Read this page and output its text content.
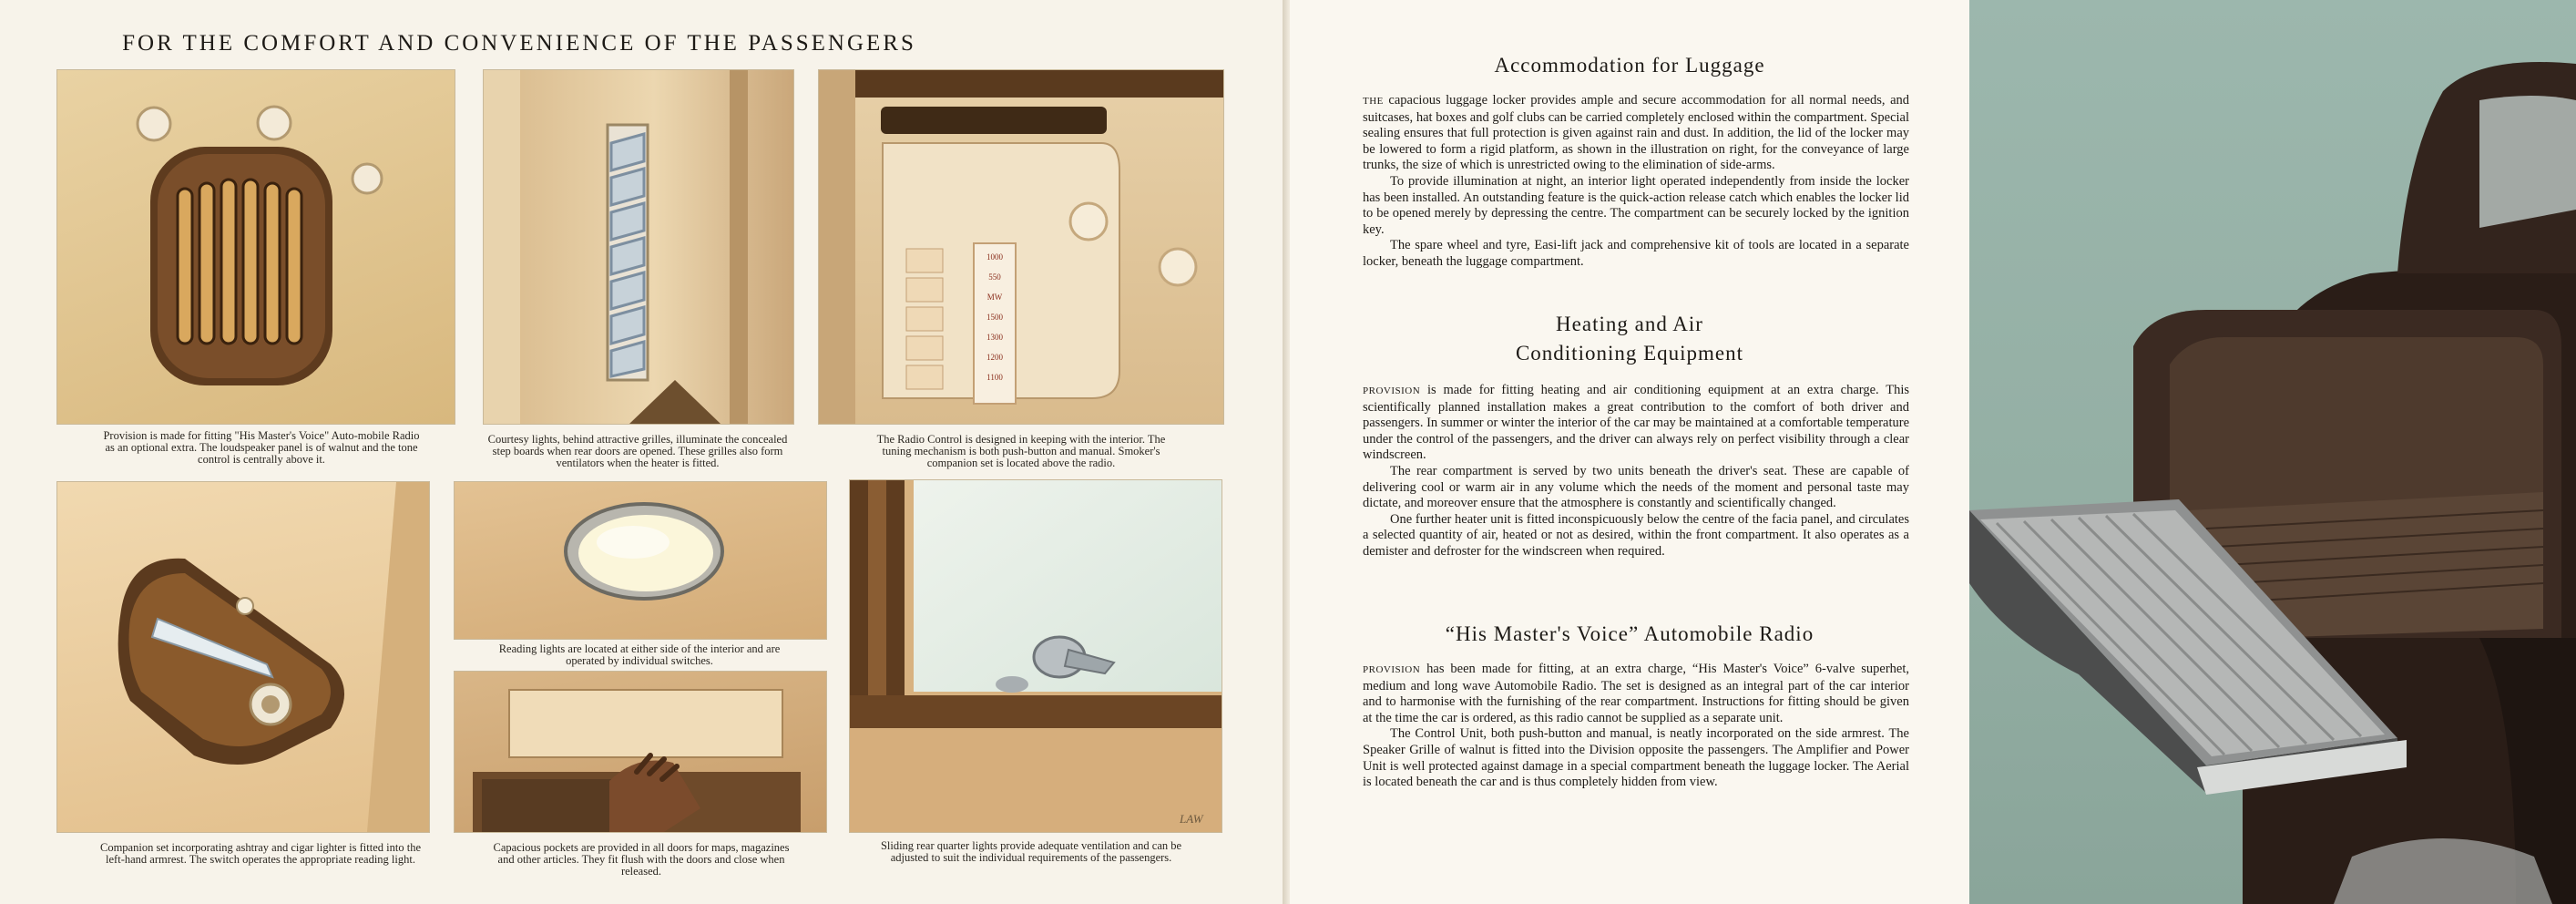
FOR THE COMFORT AND CONVENIENCE OF THE PASSENGERS
Provision is made for fitting "His Master's Voice" Auto-mobile Radio as an optional extra. The loudspeaker panel is of walnut and the tone control is centrally above it.
Courtesy lights, behind attractive grilles, illuminate the concealed step boards when rear doors are opened. These grilles also form ventilators when the heater is fitted.
1000
550
MW
1500
1300
1200
1100
The Radio Control is designed in keeping with the interior. The tuning mechanism is both push-button and manual. Smoker's companion set is located above the radio.
Companion set incorporating ashtray and cigar lighter is fitted into the left-hand armrest. The switch operates the appropriate reading light.
Reading lights are located at either side of the interior and are operated by individual switches.
Capacious pockets are provided in all doors for maps, magazines and other articles. They fit flush with the doors and close when released.
LAW
Sliding rear quarter lights provide adequate ventilation and can be adjusted to suit the individual requirements of the passengers.
Accommodation for Luggage

THE capacious luggage locker provides ample and secure accommodation for all normal needs, and suitcases, hat boxes and golf clubs can be carried completely enclosed within the compartment. Special sealing ensures that full protection is given against rain and dust. In addition, the lid of the locker may be lowered to form a rigid platform, as shown in the illustration on right, for the conveyance of large trunks, the size of which is unrestricted owing to the elimination of side-arms.

To provide illumination at night, an interior light operated independently from inside the locker has been installed. An outstanding feature is the quick-action release catch which enables the locker lid to be opened merely by depressing the centre. The compartment can be securely locked by the ignition key.

The spare wheel and tyre, Easi-lift jack and comprehensive kit of tools are located in a separate locker, beneath the luggage compartment.

Heating and Air
Conditioning Equipment

PROVISION is made for fitting heating and air conditioning equipment at an extra charge. This scientifically planned installation makes a great contribution to the comfort of both driver and passengers. In summer or winter the interior of the car may be maintained at a comfortable temperature under the control of the passengers, and the driver can always rely on perfect visibility through a clear windscreen.

The rear compartment is served by two units beneath the driver's seat. These are capable of delivering cool or warm air in any volume which the needs of the moment and personal taste may dictate, and moreover ensure that the atmosphere is constantly and scientifically changed.

One further heater unit is fitted inconspicuously below the centre of the facia panel, and circulates a selected quantity of air, heated or not as desired, within the front compartment. It also operates as a demister and defroster for the windscreen when required.

“His Master's Voice” Automobile Radio

PROVISION has been made for fitting, at an extra charge, “His Master's Voice” 6-valve superhet, medium and long wave Automobile Radio. The set is designed as an integral part of the car interior and to harmonise with the furnishing of the rear compartment. Instructions for fitting should be given at the time the car is ordered, as this radio cannot be supplied as a separate unit.

The Control Unit, both push-button and manual, is neatly incorporated on the side armrest. The Speaker Grille of walnut is fitted into the Division opposite the passengers. The Amplifier and Power Unit is well protected against damage in a special compartment beneath the luggage locker. The Aerial is located beneath the car and is thus completely hidden from view.
